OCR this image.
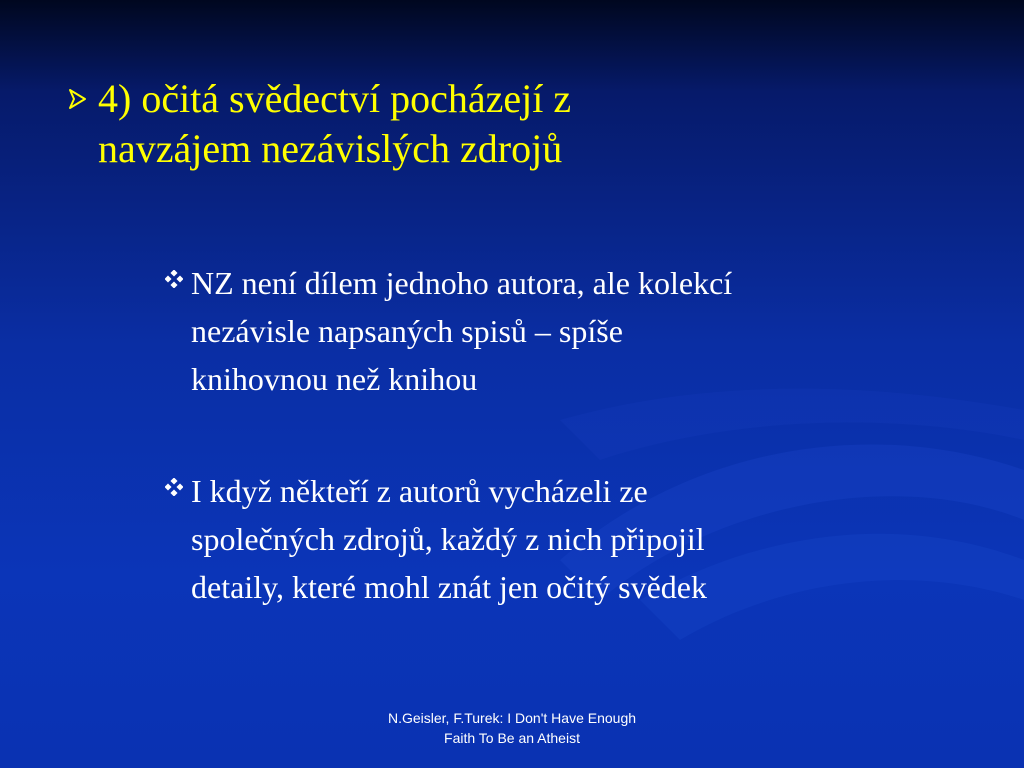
4) očitá svědectví pocházejí z
navzájem nezávislých zdrojů
NZ není dílem jednoho autora, ale kolekcí
nezávisle napsaných spisů – spíše
knihovnou než knihou
I když někteří z autorů vycházeli ze
společných zdrojů, každý z nich připojil
detaily, které mohl znát jen očitý svědek
N.Geisler, F.Turek: I Don't Have Enough
Faith To Be an Atheist
